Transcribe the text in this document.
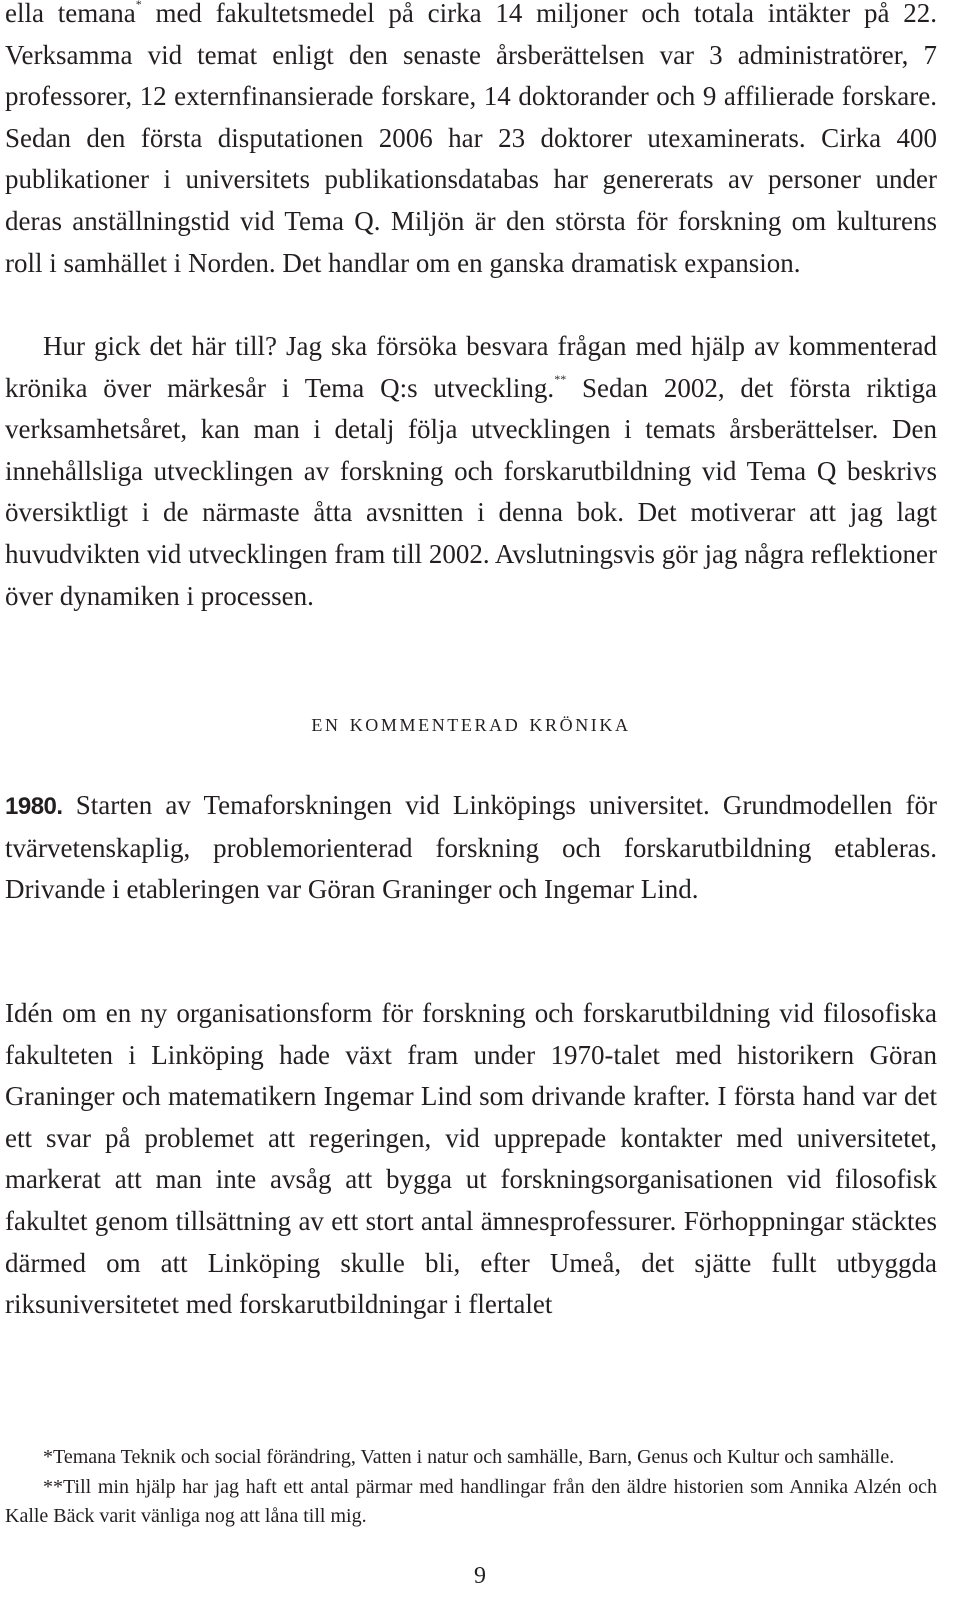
ella temana* med fakultetsmedel på cirka 14 miljoner och totala intäkter på 22. Verksamma vid temat enligt den senaste årsberättelsen var 3 administratörer, 7 professorer, 12 externfinansierade forskare, 14 doktorander och 9 affilierade forskare. Sedan den första disputationen 2006 har 23 doktorer utexaminerats. Cirka 400 publikationer i universitets publikationsdatabas har genererats av personer under deras anställningstid vid Tema Q. Miljön är den största för forskning om kulturens roll i samhället i Norden. Det handlar om en ganska dramatisk expansion.

Hur gick det här till? Jag ska försöka besvara frågan med hjälp av kommenterad krönika över märkesår i Tema Q:s utveckling.** Sedan 2002, det första riktiga verksamhetsåret, kan man i detalj följa utvecklingen i temats årsberättelser. Den innehållsliga utvecklingen av forskning och forskarutbildning vid Tema Q beskrivs översiktligt i de närmaste åtta avsnitten i denna bok. Det motiverar att jag lagt huvudvikten vid utvecklingen fram till 2002. Avslutningsvis gör jag några reflektioner över dynamiken i processen.

en kommenterad krönika

1980. Starten av Temaforskningen vid Linköpings universitet. Grundmodellen för tvärvetenskaplig, problemorienterad forskning och forskarutbildning etableras. Drivande i etableringen var Göran Graninger och Ingemar Lind.

Idén om en ny organisationsform för forskning och forskarutbildning vid filosofiska fakulteten i Linköping hade växt fram under 1970-talet med historikern Göran Graninger och matematikern Ingemar Lind som drivande krafter. I första hand var det ett svar på problemet att regeringen, vid upprepade kontakter med universitetet, markerat att man inte avsåg att bygga ut forskningsorganisationen vid filosofisk fakultet genom tillsättning av ett stort antal ämnesprofessurer. Förhoppningar stäcktes därmed om att Linköping skulle bli, efter Umeå, det sjätte fullt utbyggda riksuniversitetet med forskarutbildningar i flertalet

*Temana Teknik och social förändring, Vatten i natur och samhälle, Barn, Genus och Kultur och samhälle.

**Till min hjälp har jag haft ett antal pärmar med handlingar från den äldre historien som Annika Alzén och Kalle Bäck varit vänliga nog att låna till mig.

9
